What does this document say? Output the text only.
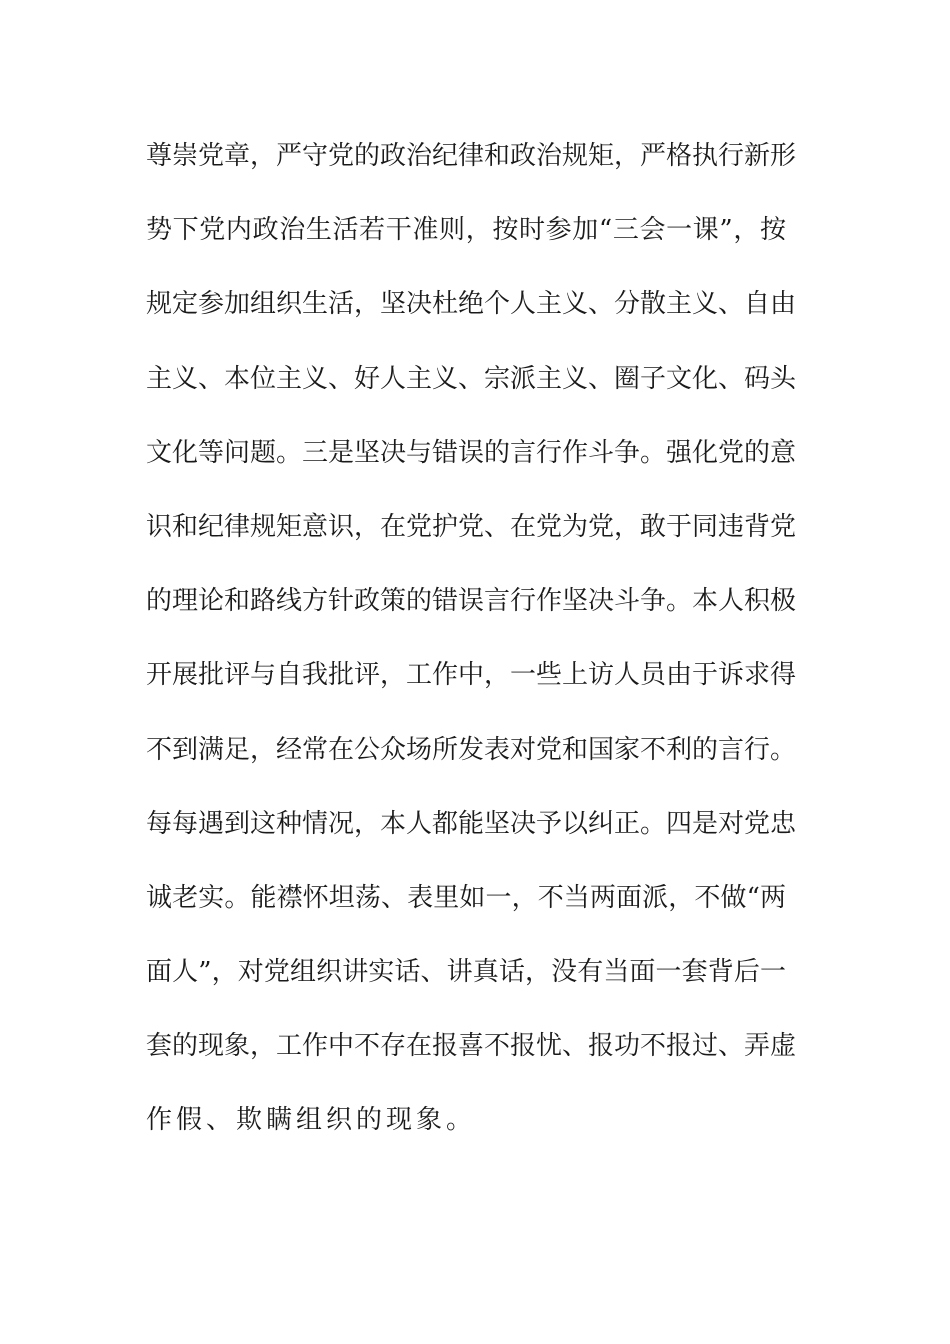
尊崇党章，严守党的政治纪律和政治规矩，严格执行新形
势下党内政治生活若干准则，按时参加“三会一课”，按
规定参加组织生活，坚决杜绝个人主义、分散主义、自由
主义、本位主义、好人主义、宗派主义、圈子文化、码头
文化等问题。三是坚决与错误的言行作斗争。强化党的意
识和纪律规矩意识，在党护党、在党为党，敢于同违背党
的理论和路线方针政策的错误言行作坚决斗争。本人积极
开展批评与自我批评，工作中，一些上访人员由于诉求得
不到满足，经常在公众场所发表对党和国家不利的言行。
每每遇到这种情况，本人都能坚决予以纠正。四是对党忠
诚老实。能襟怀坦荡、表里如一，不当两面派，不做“两
面人”，对党组织讲实话、讲真话，没有当面一套背后一
套的现象，工作中不存在报喜不报忧、报功不报过、弄虚
作假、欺瞒组织的现象。
